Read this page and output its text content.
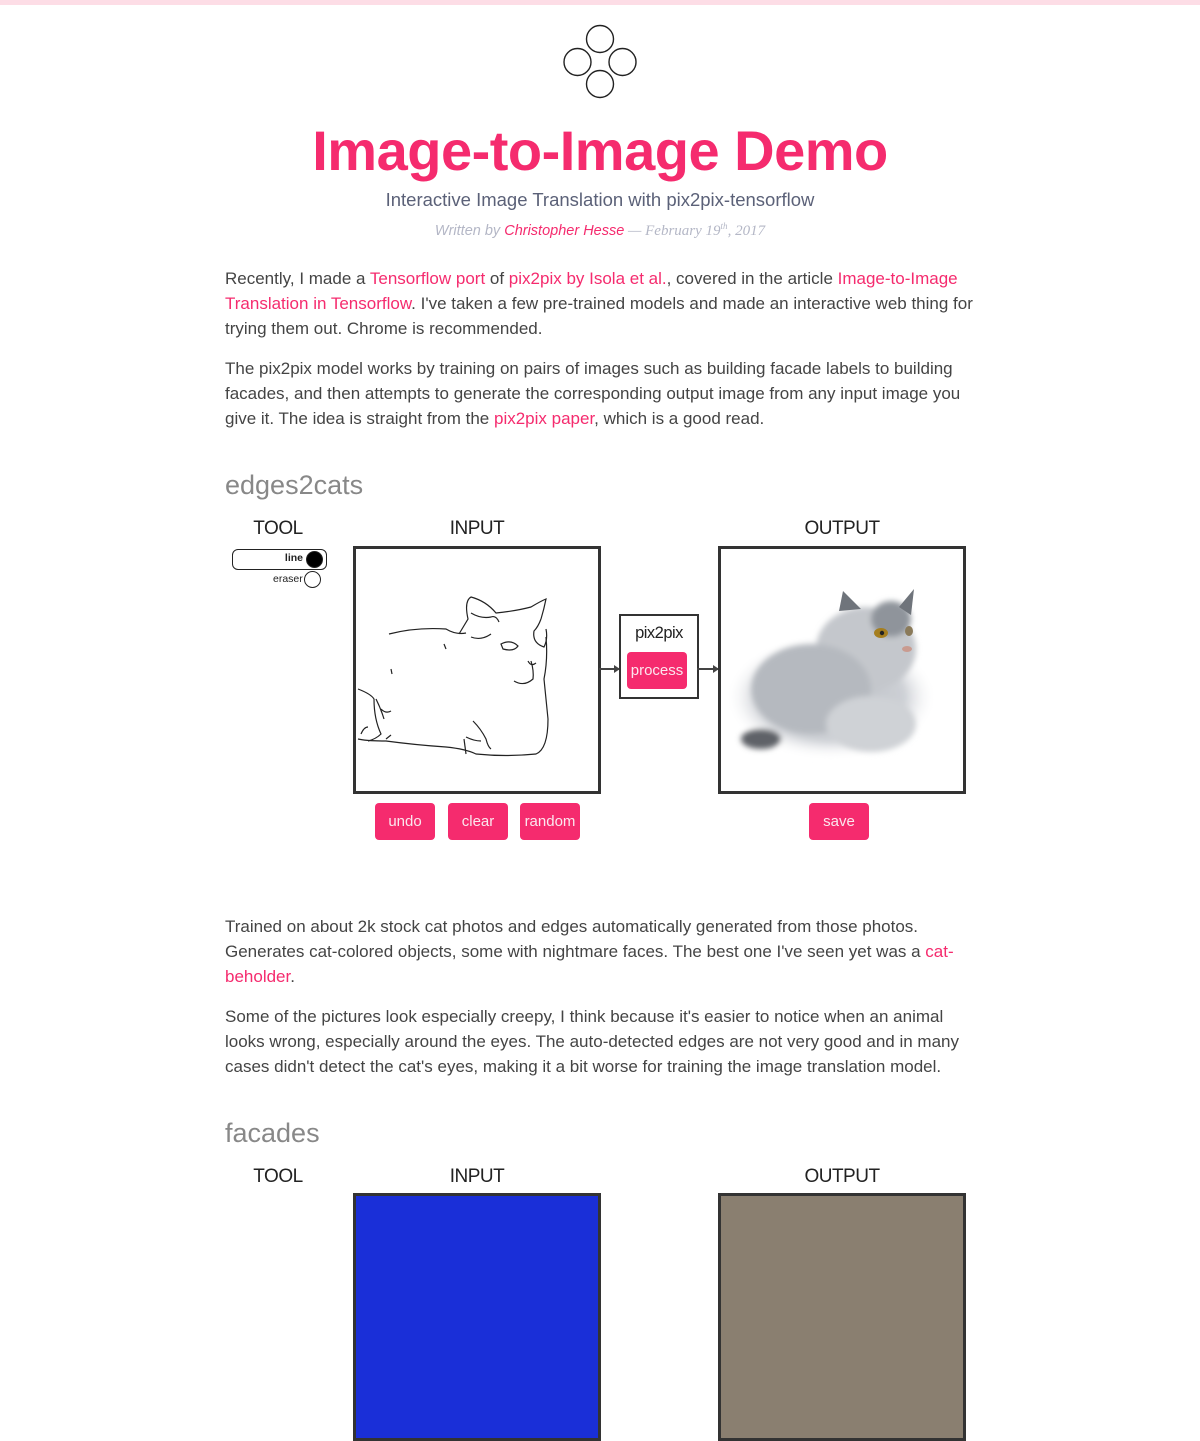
Image-to-Image Demo
Interactive Image Translation with pix2pix-tensorflow
Written by Christopher Hesse — February 19th, 2017

Recently, I made a Tensorflow port of pix2pix by Isola et al., covered in the article Image-to-Image Translation in Tensorflow. I've taken a few pre-trained models and made an interactive web thing for trying them out. Chrome is recommended.

The pix2pix model works by training on pairs of images such as building facade labels to building facades, and then attempts to generate the corresponding output image from any input image you give it. The idea is straight from the pix2pix paper, which is a good read.

edges2cats
TOOL	INPUT	OUTPUT
line
eraser
pix2pix
process
undo	clear	random	save

Trained on about 2k stock cat photos and edges automatically generated from those photos. Generates cat-colored objects, some with nightmare faces. The best one I've seen yet was a cat-beholder.

Some of the pictures look especially creepy, I think because it's easier to notice when an animal looks wrong, especially around the eyes. The auto-detected edges are not very good and in many cases didn't detect the cat's eyes, making it a bit worse for training the image translation model.

facades
TOOL	INPUT	OUTPUT
